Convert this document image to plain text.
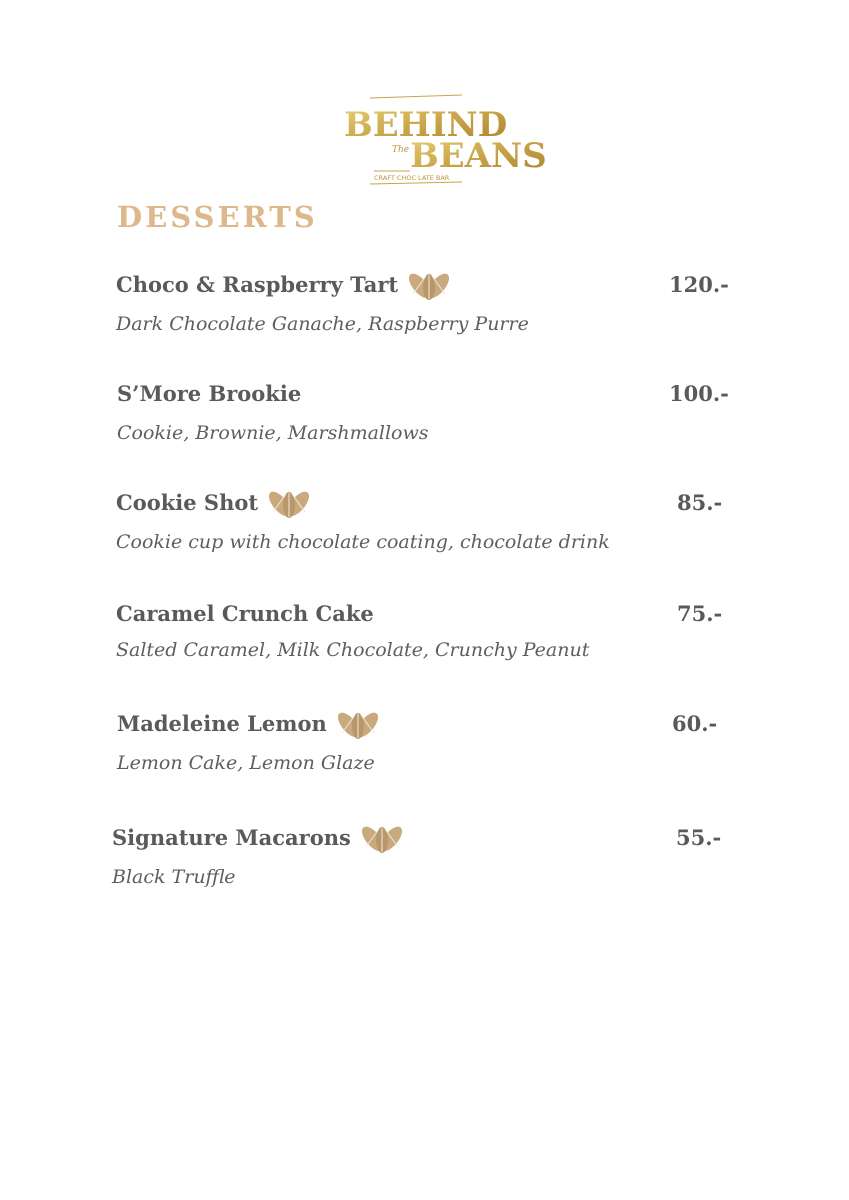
BEHIND
The BEANS
CRAFT CHOC LATE BAR
DESSERTS
Choco & Raspberry Tart	120.-

Dark Chocolate Ganache, Raspberry Purre

S’More Brookie	100.-

Cookie, Brownie, Marshmallows

Cookie Shot	85.-

Cookie cup with chocolate coating, chocolate drink

Caramel Crunch Cake	75.-

Salted Caramel, Milk Chocolate, Crunchy Peanut

Madeleine Lemon	60.-

Lemon Cake, Lemon Glaze

Signature Macarons	55.-

Black Truffle
